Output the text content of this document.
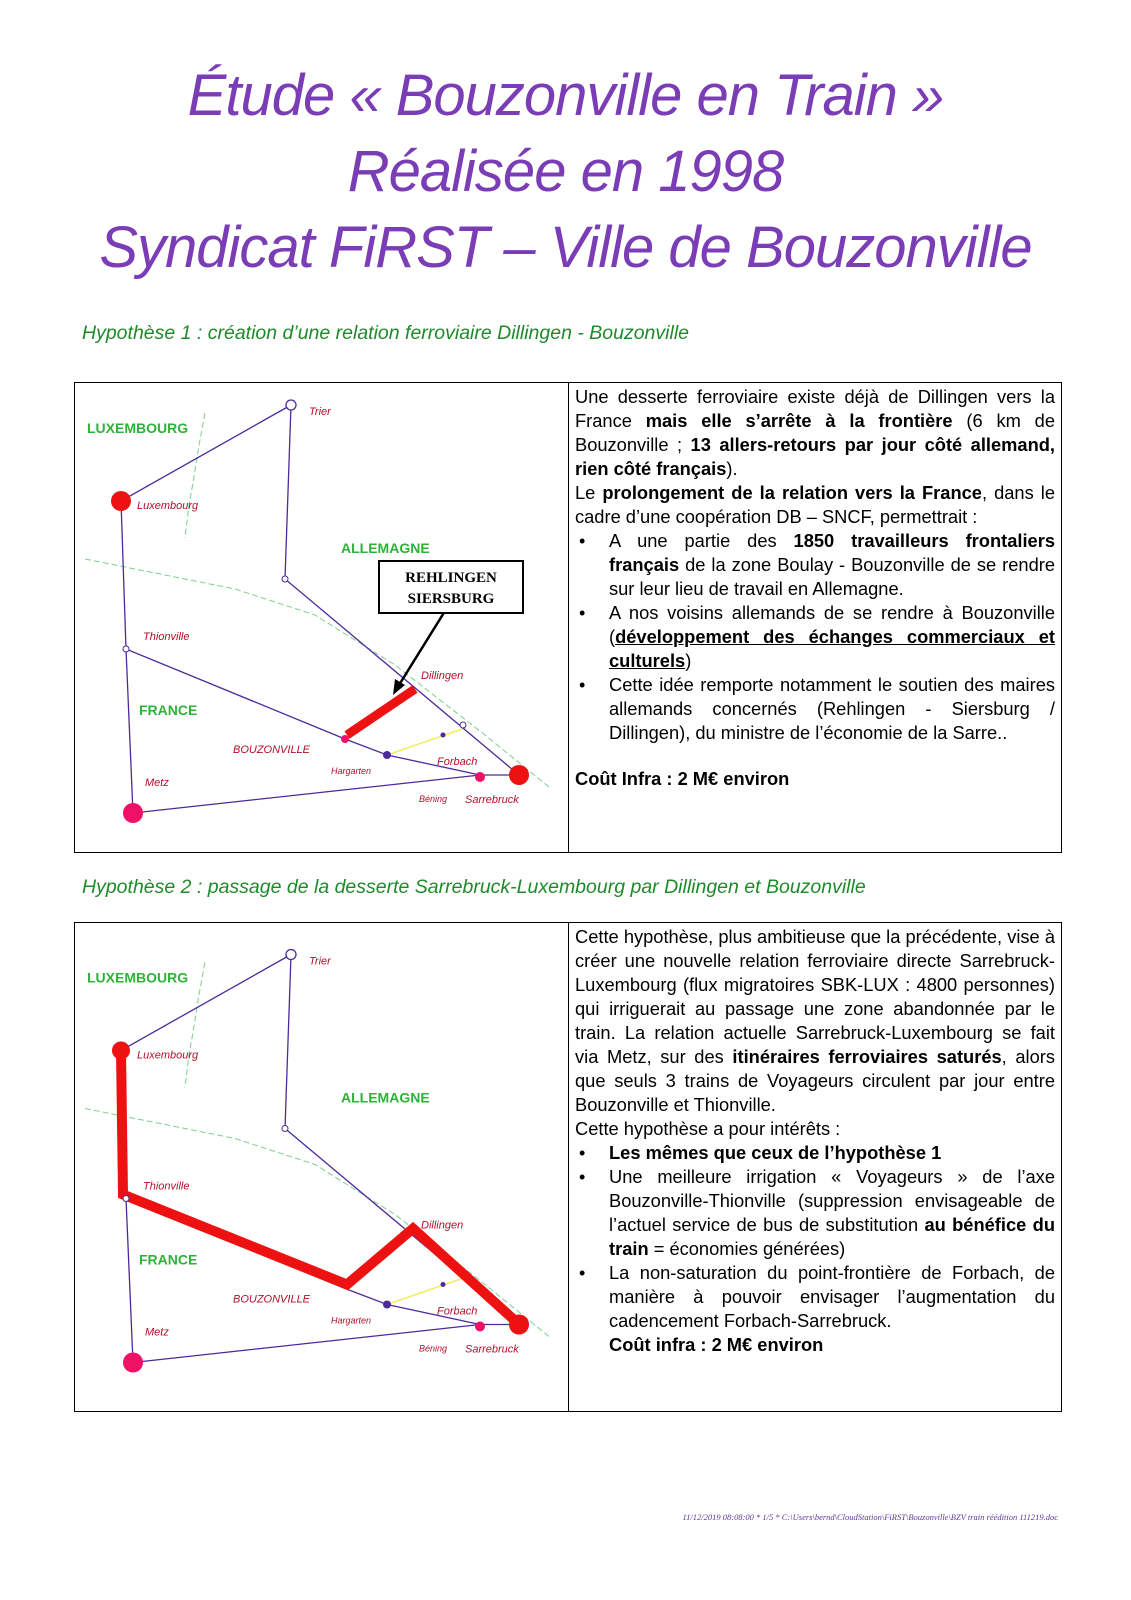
Étude « Bouzonville en Train »
Réalisée en 1998
Syndicat FiRST – Ville de Bouzonville
Hypothèse 1 : création d’une relation ferroviaire Dillingen - Bouzonville
REHLINGEN
SIERSBURG
LUXEMBOURG
ALLEMAGNE
FRANCE
Trier
Luxembourg
Thionville
Dillingen
BOUZONVILLE
Hargarten
Forbach
Metz
Béning Sarrebruck

Une desserte ferroviaire existe déjà de Dillingen vers la France mais elle s’arrête à la frontière (6 km de Bouzonville ; 13 allers-retours par jour côté allemand, rien côté français).

Le prolongement de la relation vers la France, dans le cadre d’une coopération DB – SNCF, permettrait :

• A une partie des 1850 travailleurs frontaliers français de la zone Boulay - Bouzonville de se rendre sur leur lieu de travail en Allemagne.
• A nos voisins allemands de se rendre à Bouzonville (développement des échanges commerciaux et culturels)
• Cette idée remporte notamment le soutien des maires allemands concernés (Rehlingen - Siersburg / Dillingen), du ministre de l’économie de la Sarre..

Coût Infra : 2 M€ environ

Hypothèse 2 : passage de la desserte Sarrebruck-Luxembourg par Dillingen et Bouzonville
LUXEMBOURG
ALLEMAGNE
FRANCE
Trier
Luxembourg
Thionville
Dillingen
BOUZONVILLE
Hargarten
Forbach
Metz
Béning Sarrebruck

Cette hypothèse, plus ambitieuse que la précédente, vise à créer une nouvelle relation ferroviaire directe Sarrebruck-Luxembourg (flux migratoires SBK-LUX : 4800 personnes) qui irriguerait au passage une zone abandonnée par le train. La relation actuelle Sarrebruck-Luxembourg se fait via Metz, sur des itinéraires ferroviaires saturés, alors que seuls 3 trains de Voyageurs circulent par jour entre Bouzonville et Thionville.

Cette hypothèse a pour intérêts :

• Les mêmes que ceux de l’hypothèse 1
• Une meilleure irrigation « Voyageurs » de l’axe Bouzonville-Thionville (suppression envisageable de l’actuel service de bus de substitution au bénéfice du train = économies générées)
• La non-saturation du point-frontière de Forbach, de manière à pouvoir envisager l’augmentation du cadencement Forbach-Sarrebruck.

Coût infra : 2 M€ environ

11/12/2019 08:08:00 * 1/5 * C:\Users\bernd\CloudStation\FiRST\Bouzonville\BZV train réédition 111219.doc
